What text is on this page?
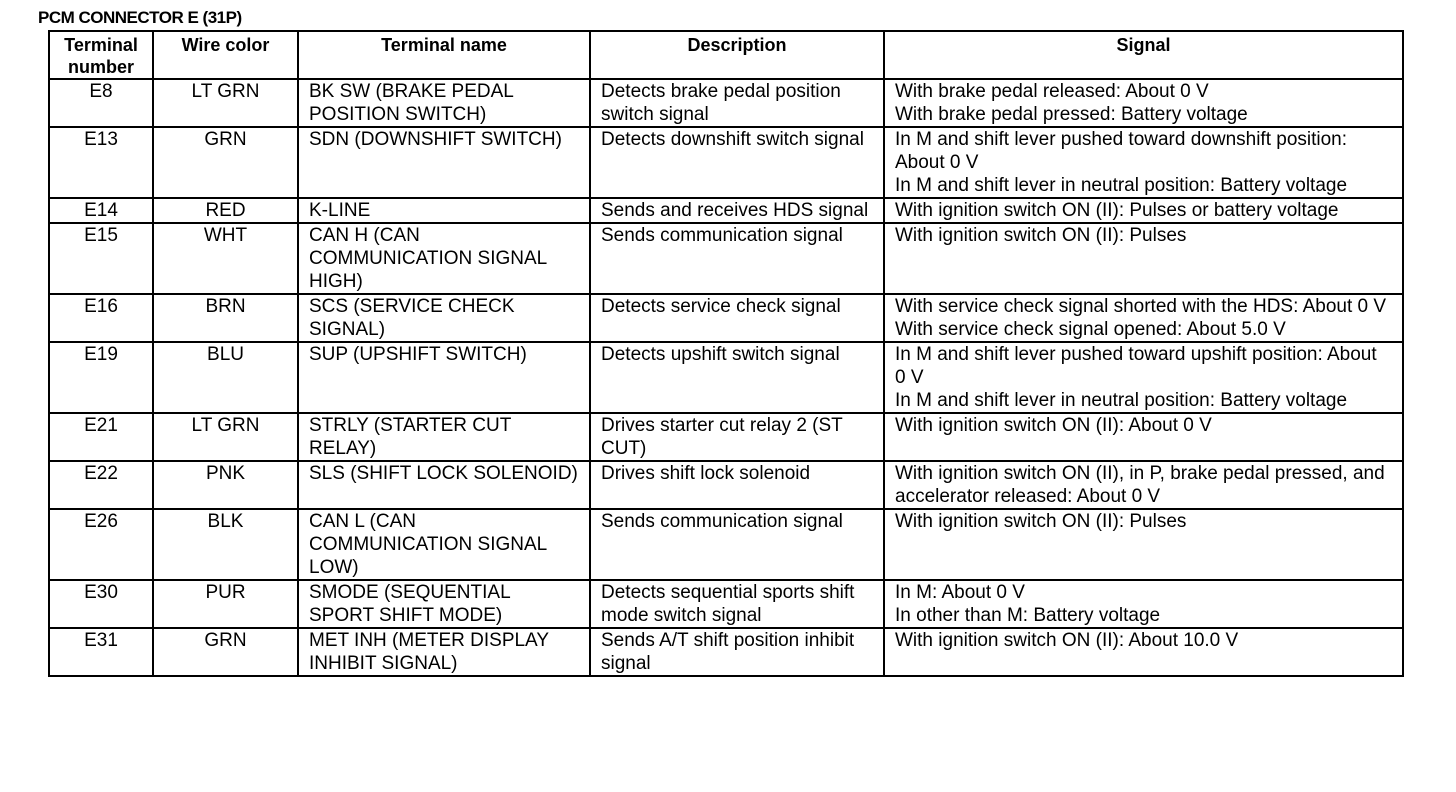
PCM CONNECTOR E (31P)
Terminal number	Wire color	Terminal name	Description	Signal
E8	LT GRN	BK SW (BRAKE PEDAL POSITION SWITCH)	Detects brake pedal position switch signal	With brake pedal released: About 0 V
With brake pedal pressed: Battery voltage

E13	GRN	SDN (DOWNSHIFT SWITCH)	Detects downshift switch signal	In M and shift lever pushed toward downshift position: About 0 V
In M and shift lever in neutral position: Battery voltage

E14	RED	K-LINE	Sends and receives HDS signal	With ignition switch ON (II): Pulses or battery voltage

E15	WHT	CAN H (CAN COMMUNICATION SIGNAL HIGH)	Sends communication signal	With ignition switch ON (II): Pulses

E16	BRN	SCS (SERVICE CHECK SIGNAL)	Detects service check signal	With service check signal shorted with the HDS: About 0 V
With service check signal opened: About 5.0 V

E19	BLU	SUP (UPSHIFT SWITCH)	Detects upshift switch signal	In M and shift lever pushed toward upshift position: About 0 V
In M and shift lever in neutral position: Battery voltage

E21	LT GRN	STRLY (STARTER CUT RELAY)	Drives starter cut relay 2 (ST CUT)	With ignition switch ON (II): About 0 V

E22	PNK	SLS (SHIFT LOCK SOLENOID)	Drives shift lock solenoid	With ignition switch ON (II), in P, brake pedal pressed, and accelerator released: About 0 V

E26	BLK	CAN L (CAN COMMUNICATION SIGNAL LOW)	Sends communication signal	With ignition switch ON (II): Pulses

E30	PUR	SMODE (SEQUENTIAL SPORT SHIFT MODE)	Detects sequential sports shift mode switch signal	In M: About 0 V
In other than M: Battery voltage

E31	GRN	MET INH (METER DISPLAY INHIBIT SIGNAL)	Sends A/T shift position inhibit signal	With ignition switch ON (II): About 10.0 V
